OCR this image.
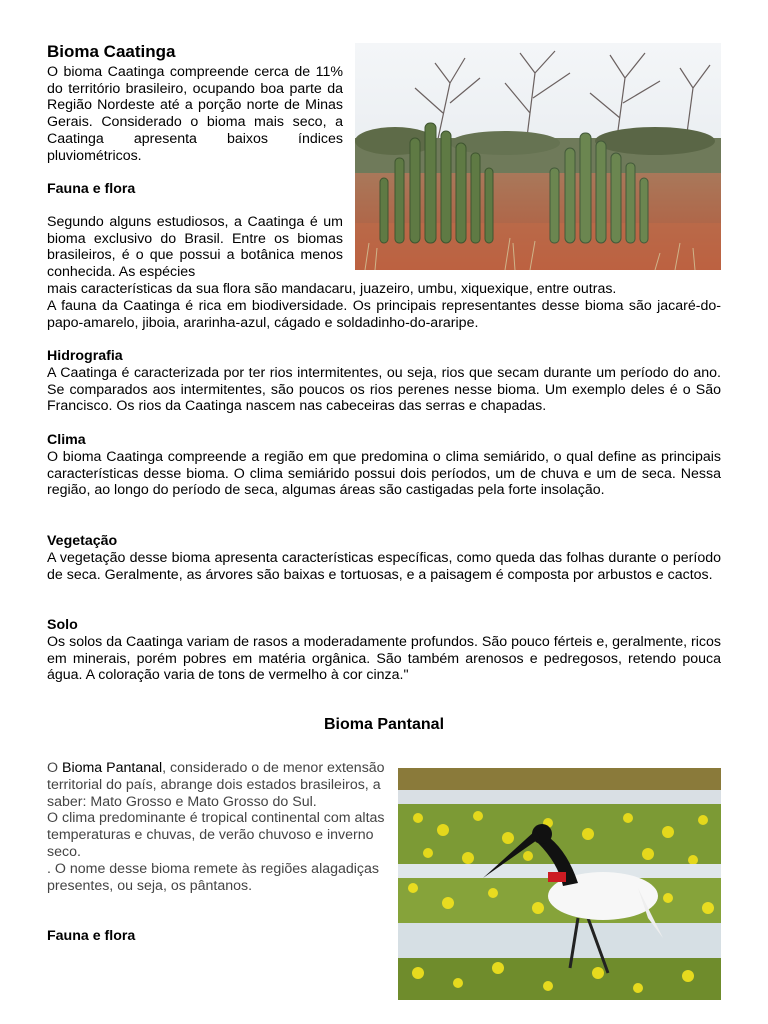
Bioma Caatinga

O bioma Caatinga compreende cerca de 11% do território brasileiro, ocupando boa parte da Região Nordeste até a porção norte de Minas Gerais. Considerado o bioma mais seco, a Caatinga apresenta baixos índices pluviométricos.

Fauna e flora

Segundo alguns estudiosos, a Caatinga é um bioma exclusivo do Brasil. Entre os biomas brasileiros, é o que possui a botânica menos conhecida. As espécies

mais características da sua flora são mandacaru, juazeiro, umbu, xiquexique, entre outras.

A fauna da Caatinga é rica em biodiversidade. Os principais representantes desse bioma são jacaré-do-papo-amarelo, jiboia, ararinha-azul, cágado e soldadinho-do-araripe.

Hidrografia

A Caatinga é caracterizada por ter rios intermitentes, ou seja, rios que secam durante um período do ano. Se comparados aos intermitentes, são poucos os rios perenes nesse bioma. Um exemplo deles é o São Francisco. Os rios da Caatinga nascem nas cabeceiras das serras e chapadas.

Clima

O bioma Caatinga compreende a região em que predomina o clima semiárido, o qual define as principais características desse bioma. O clima semiárido possui dois períodos, um de chuva e um de seca. Nessa região, ao longo do período de seca, algumas áreas são castigadas pela forte insolação.

Vegetação

A vegetação desse bioma apresenta características específicas, como queda das folhas durante o período de seca. Geralmente, as árvores são baixas e tortuosas, e a paisagem é composta por arbustos e cactos.

Solo

Os solos da Caatinga variam de rasos a moderadamente profundos. São pouco férteis e, geralmente, ricos em minerais, porém pobres em matéria orgânica. São também arenosos e pedregosos, retendo pouca água. A coloração varia de tons de vermelho à cor cinza."

Bioma Pantanal

O Bioma Pantanal, considerado o de menor extensão territorial do país, abrange dois estados brasileiros, a saber: Mato Grosso e Mato Grosso do Sul.

O clima predominante é tropical continental com altas temperaturas e chuvas, de verão chuvoso e inverno seco.

. O nome desse bioma remete às regiões alagadiças presentes, ou seja, os pântanos.

Fauna e flora
